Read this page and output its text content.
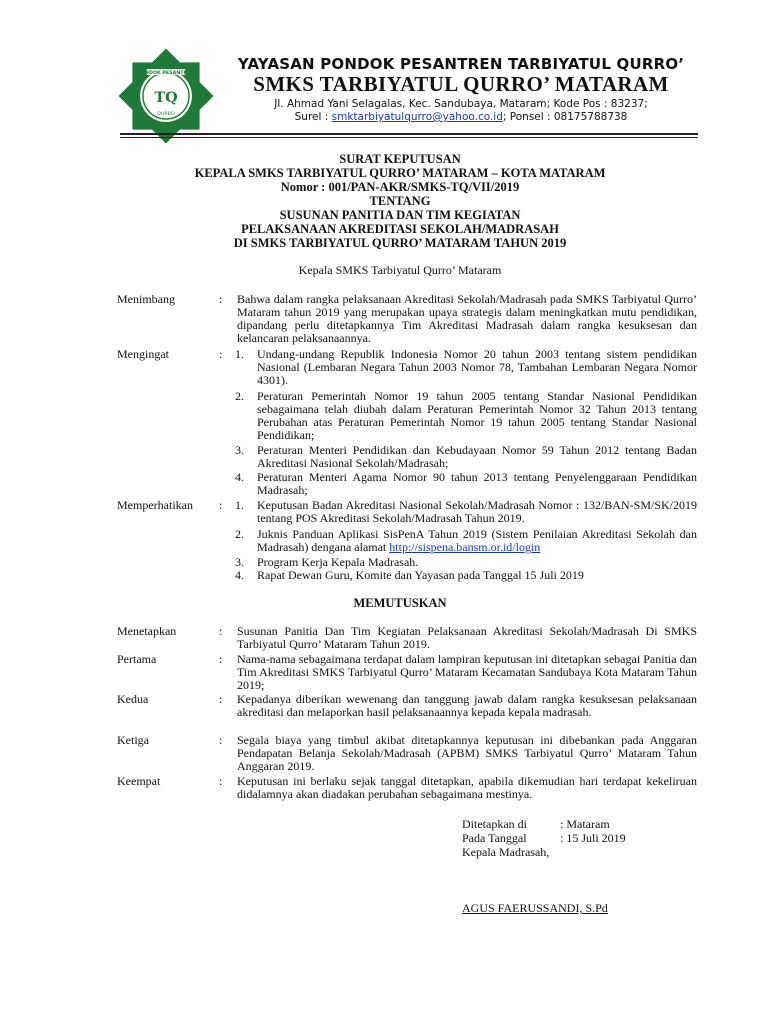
PONDOK PESANTREN
TQ
QURRO
YAYASAN PONDOK PESANTREN TARBIYATUL QURRO’
SMKS TARBIYATUL QURRO’ MATARAM
Jl. Ahmad Yani Selagalas, Kec. Sandubaya, Mataram; Kode Pos : 83237;
Surel : smktarbiyatulqurro@yahoo.co.id; Ponsel : 08175788738
SURAT KEPUTUSAN
KEPALA SMKS TARBIYATUL QURRO’ MATARAM – KOTA MATARAM
Nomor : 001/PAN-AKR/SMKS-TQ/VII/2019
TENTANG
SUSUNAN PANITIA DAN TIM KEGIATAN
PELAKSANAAN AKREDITASI SEKOLAH/MADRASAH
DI SMKS TARBIYATUL QURRO’ MATARAM TAHUN 2019
Kepala SMKS Tarbiyatul Qurro’ Mataram
Menimbang	: Bahwa dalam rangka pelaksanaan Akreditasi Sekolah/Madrasah pada SMKS Tarbiyatul Qurro’ Mataram tahun 2019 yang merupakan upaya strategis dalam meningkatkan mutu pendidikan, dipandang perlu ditetapkannya Tim Akreditasi Madrasah dalam rangka kesuksesan dan kelancaran pelaksanaannya.
Mengingat	: 1. Undang-undang Republik Indonesia Nomor 20 tahun 2003 tentang sistem pendidikan Nasional (Lembaran Negara Tahun 2003 Nomor 78, Tambahan Lembaran Negara Nomor 4301).
2. Peraturan Pemerintah Nomor 19 tahun 2005 tentang Standar Nasional Pendidikan sebagaimana telah diubah dalam Peraturan Pemerintah Nomor 32 Tahun 2013 tentang Perubahan atas Peraturan Pemerintah Nomor 19 tahun 2005 tentang Standar Nasional Pendidikan;
3. Peraturan Menteri Pendidikan dan Kebudayaan Nomor 59 Tahun 2012 tentang Badan Akreditasi Nasional Sekolah/Madrasah;
4. Peraturan Menteri Agama Nomor 90 tahun 2013 tentang Penyelenggaraan Pendidikan Madrasah;
Memperhatikan : 1. Keputusan Badan Akreditasi Nasional Sekolah/Madrasah Nomor : 132/BAN-SM/SK/2019 tentang POS Akreditasi Sekolah/Madrasah Tahun 2019.
2. Juknis Panduan Aplikasi SisPenA Tahun 2019 (Sistem Penilaian Akreditasi Sekolah dan Madrasah) dengana alamat http://sispena.bansm.or.id/login
3. Program Kerja Kepala Madrasah.
4. Rapat Dewan Guru, Komite dan Yayasan pada Tanggal 15 Juli 2019
MEMUTUSKAN
Menetapkan	: Susunan Panitia Dan Tim Kegiatan Pelaksanaan Akreditasi Sekolah/Madrasah Di SMKS Tarbiyatul Qurro’ Mataram Tahun 2019.
Pertama	: Nama-nama sebagaimana terdapat dalam lampiran keputusan ini ditetapkan sebagai Panitia dan Tim Akreditasi SMKS Tarbiyatul Qurro’ Mataram Kecamatan Sandubaya Kota Mataram Tahun 2019;
Kedua	: Kepadanya diberikan wewenang dan tanggung jawab dalam rangka kesuksesan pelaksanaan akreditasi dan melaporkan hasil pelaksanaannya kepada kepala madrasah.
Ketiga	: Segala biaya yang timbul akibat ditetapkannya keputusan ini dibebankan pada Anggaran Pendapatan Belanja Sekolah/Madrasah (APBM) SMKS Tarbiyatul Qurro’ Mataram Tahun Anggaran 2019.
Keempat	: Keputusan ini berlaku sejak tanggal ditetapkan, apabila dikemudian hari terdapat kekeliruan didalamnya akan diadakan perubahan sebagaimana mestinya.
Ditetapkan di	: Mataram
Pada Tanggal	: 15 Juli 2019
Kepala Madrasah,
AGUS FAERUSSANDI, S.Pd
